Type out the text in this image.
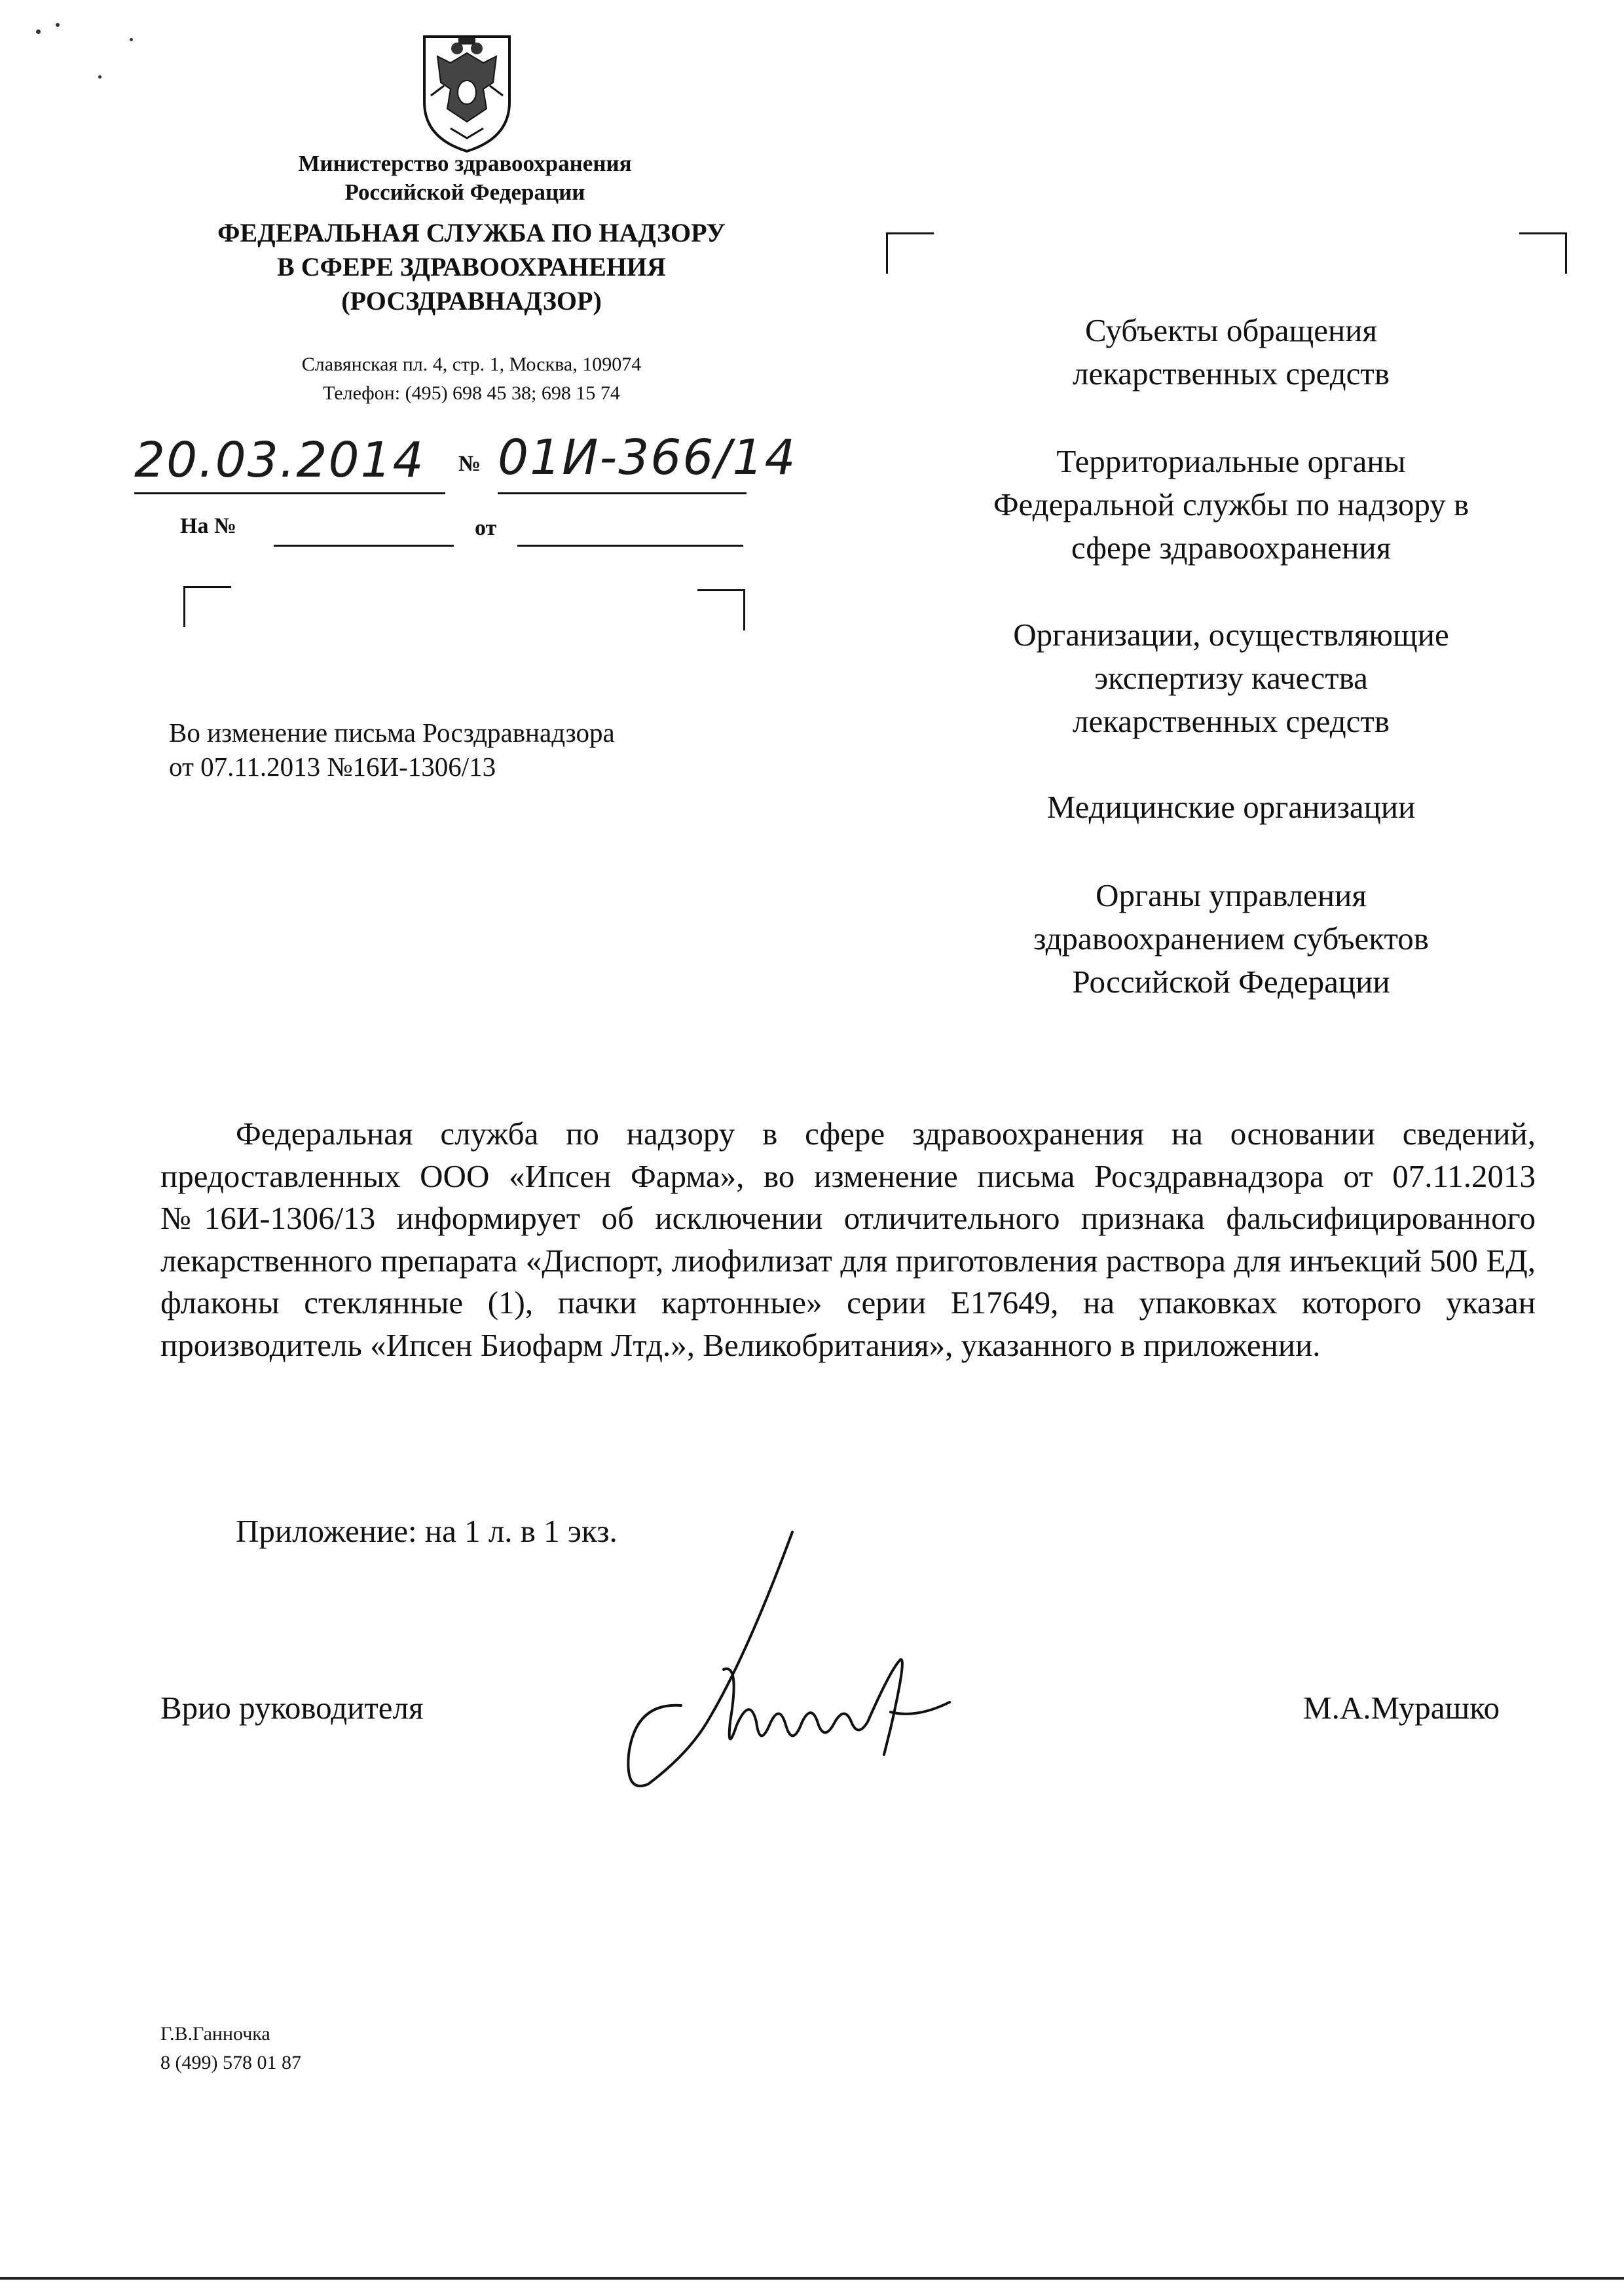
Министерство здравоохранения
Российской Федерации
ФЕДЕРАЛЬНАЯ СЛУЖБА ПО НАДЗОРУ
В СФЕРЕ ЗДРАВООХРАНЕНИЯ
(РОСЗДРАВНАДЗОР)
Славянская пл. 4, стр. 1, Москва, 109074
Телефон: (495) 698 45 38; 698 15 74
20.03.2014 № 01И-366/14
На №	от
Во изменение письма Росздравнадзора
от 07.11.2013 №16И-1306/13
Субъекты обращения
лекарственных средств
Территориальные органы
Федеральной службы по надзору в
сфере здравоохранения
Организации, осуществляющие
экспертизу качества
лекарственных средств
Медицинские организации
Органы управления
здравоохранением субъектов
Российской Федерации
Федеральная служба по надзору в сфере здравоохранения на основании сведений, предоставленных ООО «Ипсен Фарма», во изменение письма Росздравнадзора от 07.11.2013 №16И-1306/13 информирует об исключении отличительного признака фальсифицированного лекарственного препарата «Диспорт, лиофилизат для приготовления раствора для инъекций 500 ЕД, флаконы стеклянные (1), пачки картонные» серии Е17649, на упаковках которого указан производитель «Ипсен Биофарм Лтд.», Великобритания», указанного в приложении.
Приложение: на 1 л. в 1 экз.
Врио руководителя	М.А.Мурашко
Г.В.Ганночка
8 (499) 578 01 87
